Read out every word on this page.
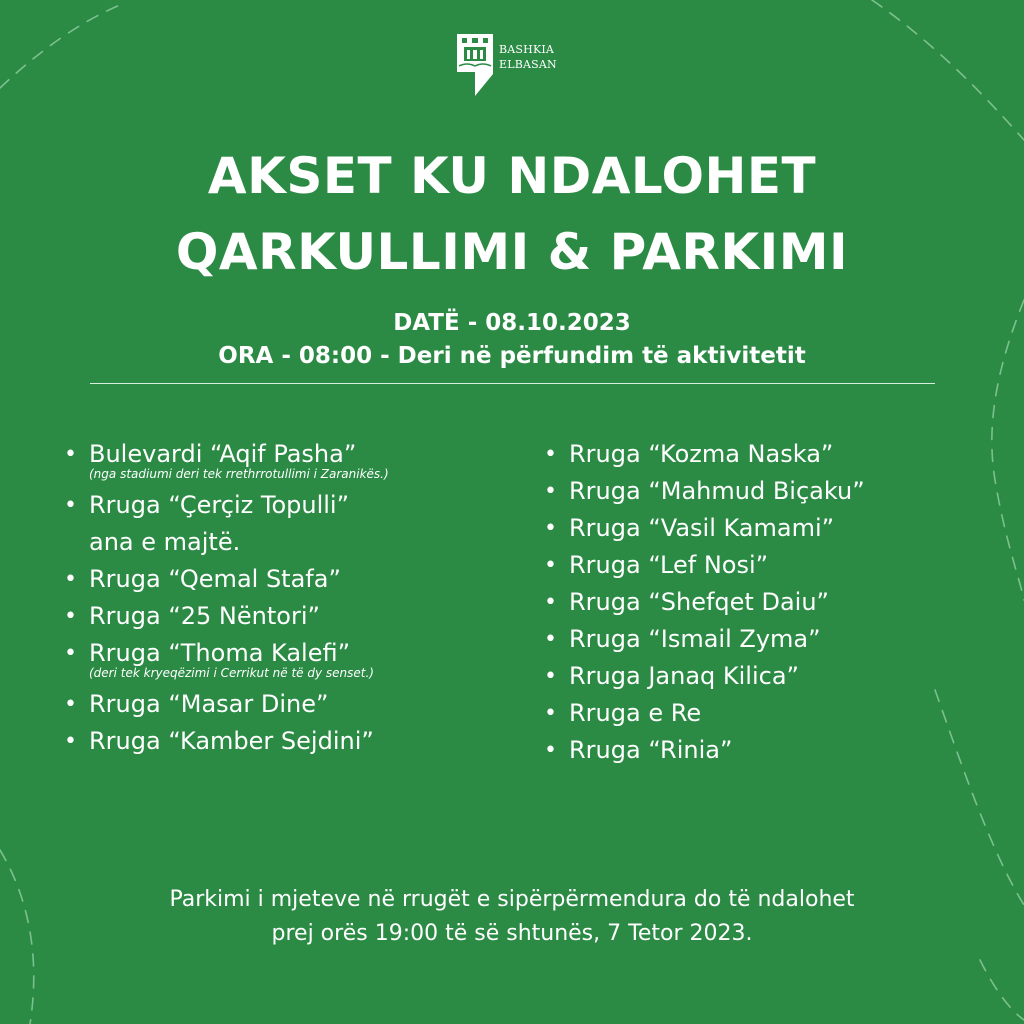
BASHKIA
ELBASAN
AKSET KU NDALOHET
QARKULLIMI & PARKIMI
DATË - 08.10.2023
ORA - 08:00 - Deri në përfundim të aktivitetit
• Bulevardi “Aqif Pasha”
(nga stadiumi deri tek rrethrrotullimi i Zaranikës.)
• Rruga “Çerçiz Topulli”
ana e majtë.
• Rruga “Qemal Stafa”
• Rruga “25 Nëntori”
• Rruga “Thoma Kalefi”
(deri tek kryeqëzimi i Cerrikut në të dy senset.)
• Rruga “Masar Dine”
• Rruga “Kamber Sejdini”
• Rruga “Kozma Naska”
• Rruga “Mahmud Biçaku”
• Rruga “Vasil Kamami”
• Rruga “Lef Nosi”
• Rruga “Shefqet Daiu”
• Rruga “Ismail Zyma”
• Rruga Janaq Kilica”
• Rruga e Re
• Rruga “Rinia”
Parkimi i mjeteve në rrugët e sipërpërmendura do të ndalohet
prej orës 19:00 të së shtunës, 7 Tetor 2023.
